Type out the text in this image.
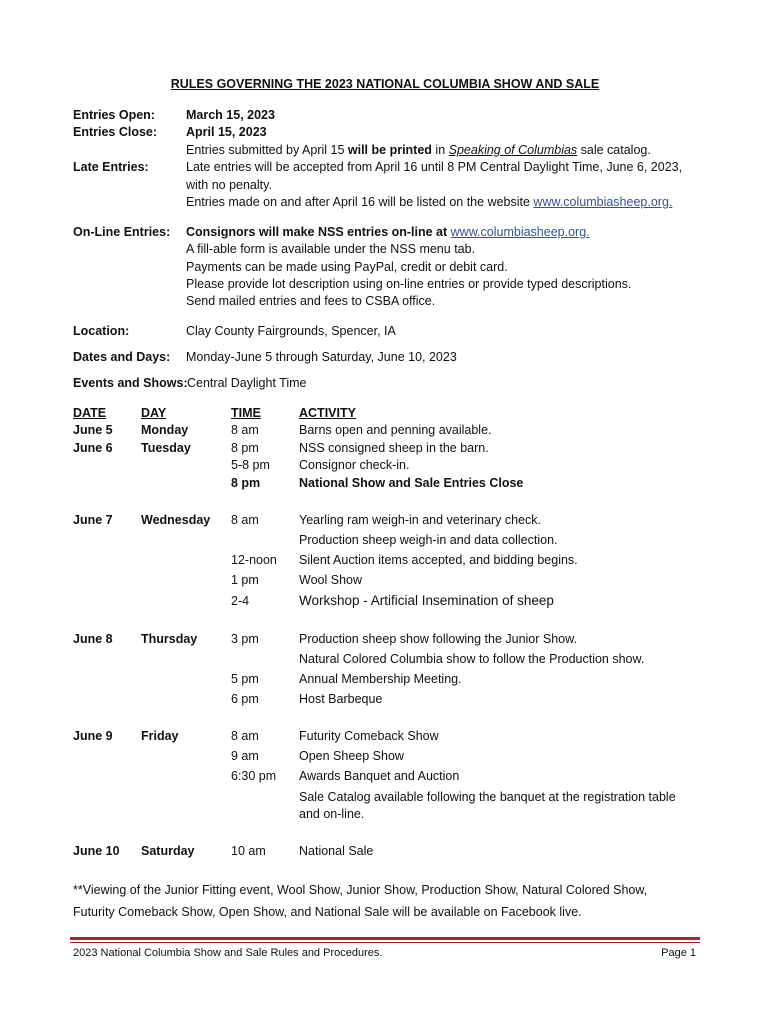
RULES GOVERNING THE 2023 NATIONAL COLUMBIA SHOW AND SALE
Entries Open: March 15, 2023
Entries Close: April 15, 2023
Entries submitted by April 15 will be printed in Speaking of Columbias sale catalog.
Late Entries:	Late entries will be accepted from April 16 until 8 PM Central Daylight Time, June 6, 2023,
with no penalty.
Entries made on and after April 16 will be listed on the website www.columbiasheep.org.
On-Line Entries: Consignors will make NSS entries on-line at www.columbiasheep.org.
A fill-able form is available under the NSS menu tab.
Payments can be made using PayPal, credit or debit card.
Please provide lot description using on-line entries or provide typed descriptions.
Send mailed entries and fees to CSBA office.
Location:	Clay County Fairgrounds, Spencer, IA
Dates and Days: Monday-June 5 through Saturday, June 10, 2023
Events and Shows: Central Daylight Time
DATE	DAY	TIME	ACTIVITY
June 5 Monday	8 am	Barns open and penning available.
June 6 Tuesday	8 pm	NSS consigned sheep in the barn.
5-8 pm Consignor check-in.
8 pm	National Show and Sale Entries Close
June 7 Wednesday 8 am	Yearling ram weigh-in and veterinary check.
Production sheep weigh-in and data collection.
12-noon Silent Auction items accepted, and bidding begins.
1 pm	Wool Show
2-4	Workshop - Artificial Insemination of sheep
June 8 Thursday	3 pm	Production sheep show following the Junior Show.
Natural Colored Columbia show to follow the Production show.
5 pm	Annual Membership Meeting.
6 pm	Host Barbeque
June 9 Friday	8 am	Futurity Comeback Show
9 am	Open Sheep Show
6:30 pm Awards Banquet and Auction
Sale Catalog available following the banquet at the registration table
and on-line.
June 10 Saturday	10 am	National Sale
**Viewing of the Junior Fitting event, Wool Show, Junior Show, Production Show, Natural Colored Show,
Futurity Comeback Show, Open Show, and National Sale will be available on Facebook live.
2023 National Columbia Show and Sale Rules and Procedures.	Page 1
